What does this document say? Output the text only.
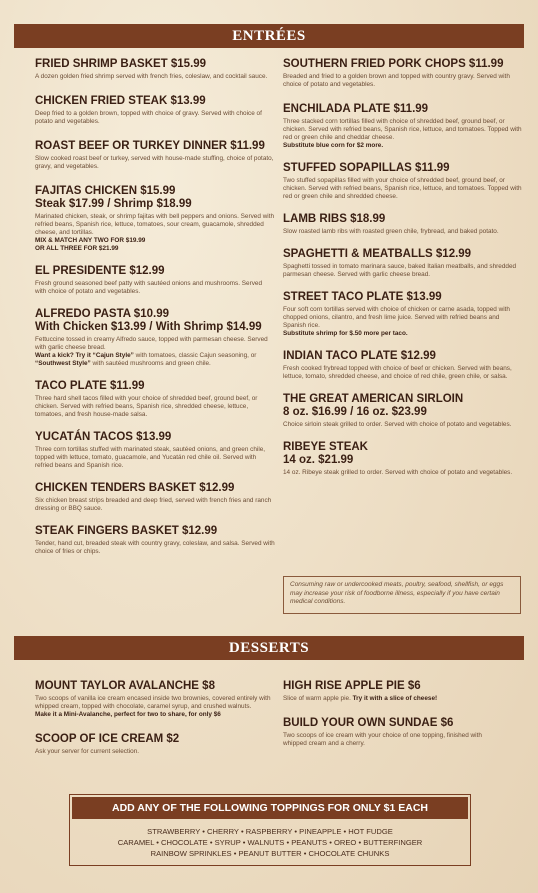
ENTRÉES
FRIED SHRIMP BASKET $15.99
A dozen golden fried shrimp served with french fries, coleslaw, and cocktail sauce.
CHICKEN FRIED STEAK $13.99
Deep fried to a golden brown, topped with choice of gravy. Served with choice of potato and vegetables.
ROAST BEEF OR TURKEY DINNER $11.99
Slow cooked roast beef or turkey, served with house-made stuffing, choice of potato, gravy, and vegetables.
FAJITAS CHICKEN $15.99
Steak $17.99 / Shrimp $18.99
Marinated chicken, steak, or shrimp fajitas with bell peppers and onions. Served with refried beans, Spanish rice, lettuce, tomatoes, sour cream, guacamole, shredded cheese, and tortillas.
MIX & MATCH ANY TWO FOR $19.99
OR ALL THREE FOR $21.99
EL PRESIDENTE $12.99
Fresh ground seasoned beef patty with sautéed onions and mushrooms. Served with choice of potato and vegetables.
ALFREDO PASTA $10.99
With Chicken $13.99 / With Shrimp $14.99
Fettuccine tossed in creamy Alfredo sauce, topped with parmesan cheese. Served with garlic cheese bread.
Want a kick? Try it “Cajun Style” with tomatoes, classic Cajun seasoning, or “Southwest Style” with sautéed mushrooms and green chile.
TACO PLATE $11.99
Three hard shell tacos filled with your choice of shredded beef, ground beef, or chicken. Served with refried beans, Spanish rice, shredded cheese, lettuce, tomatoes, and fresh house-made salsa.
YUCATÁN TACOS $13.99
Three corn tortillas stuffed with marinated steak, sautéed onions, and green chile, topped with lettuce, tomato, guacamole, and Yucatán red chile oil. Served with refried beans and Spanish rice.
CHICKEN TENDERS BASKET $12.99
Six chicken breast strips breaded and deep fried, served with french fries and ranch dressing or BBQ sauce.
STEAK FINGERS BASKET $12.99
Tender, hand cut, breaded steak with country gravy, coleslaw, and salsa. Served with choice of fries or chips.
SOUTHERN FRIED PORK CHOPS $11.99
Breaded and fried to a golden brown and topped with country gravy. Served with choice of potato and vegetables.
ENCHILADA PLATE $11.99
Three stacked corn tortillas filled with choice of shredded beef, ground beef, or chicken. Served with refried beans, Spanish rice, lettuce, and tomatoes. Topped with red or green chile and cheddar cheese.
Substitute blue corn for $2 more.
STUFFED SOPAPILLAS $11.99
Two stuffed sopapillas filled with your choice of shredded beef, ground beef, or chicken. Served with refried beans, Spanish rice, lettuce, and tomatoes. Topped with red or green chile and shredded cheese.
LAMB RIBS $18.99
Slow roasted lamb ribs with roasted green chile, frybread, and baked potato.
SPAGHETTI & MEATBALLS $12.99
Spaghetti tossed in tomato marinara sauce, baked Italian meatballs, and shredded parmesan cheese. Served with garlic cheese bread.
STREET TACO PLATE $13.99
Four soft corn tortillas served with choice of chicken or carne asada, topped with chopped onions, cilantro, and fresh lime juice. Served with refried beans and Spanish rice.
Substitute shrimp for $.50 more per taco.
INDIAN TACO PLATE $12.99
Fresh cooked frybread topped with choice of beef or chicken. Served with beans, lettuce, tomato, shredded cheese, and choice of red chile, green chile, or salsa.
THE GREAT AMERICAN SIRLOIN
8 oz. $16.99 / 16 oz. $23.99
Choice sirloin steak grilled to order. Served with choice of potato and vegetables.
RIBEYE STEAK
14 oz. $21.99
14 oz. Ribeye steak grilled to order. Served with choice of potato and vegetables.
Consuming raw or undercooked meats, poultry, seafood, shellfish, or eggs may increase your risk of foodborne illness, especially if you have certain medical conditions.
DESSERTS
MOUNT TAYLOR AVALANCHE $8
Two scoops of vanilla ice cream encased inside two brownies, covered entirely with whipped cream, topped with chocolate, caramel syrup, and crushed walnuts.
Make it a Mini-Avalanche, perfect for two to share, for only $6
SCOOP OF ICE CREAM $2
Ask your server for current selection.
HIGH RISE APPLE PIE $6
Slice of warm apple pie. Try it with a slice of cheese!
BUILD YOUR OWN SUNDAE $6
Two scoops of ice cream with your choice of one topping, finished with whipped cream and a cherry.
ADD ANY OF THE FOLLOWING TOPPINGS FOR ONLY $1 EACH
STRAWBERRY • CHERRY • RASPBERRY • PINEAPPLE • HOT FUDGE
CARAMEL • CHOCOLATE • SYRUP • WALNUTS • PEANUTS • OREO • BUTTERFINGER
RAINBOW SPRINKLES • PEANUT BUTTER • CHOCOLATE CHUNKS
